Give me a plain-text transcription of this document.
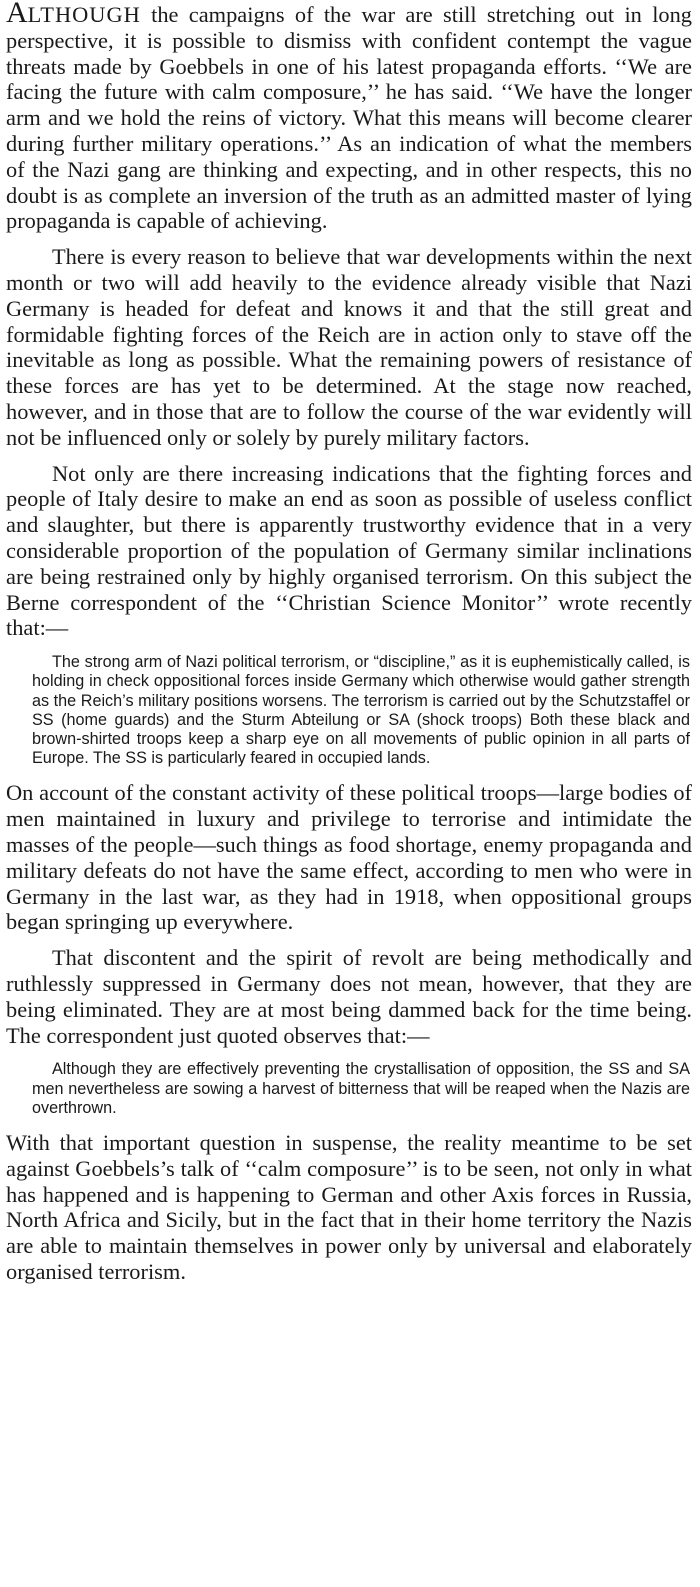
ALTHOUGH the campaigns of the war are still stretching out in long perspective, it is possible to dismiss with confident contempt the vague threats made by Goebbels in one of his latest propaganda efforts. ‘‘We are facing the future with calm composure,’’ he has said. ‘‘We have the longer arm and we hold the reins of victory. What this means will become clearer during further military operations.’’ As an indication of what the members of the Nazi gang are thinking and expecting, and in other respects, this no doubt is as complete an inversion of the truth as an admitted master of lying propaganda is capable of achieving.

There is every reason to believe that war developments within the next month or two will add heavily to the evidence already visible that Nazi Germany is headed for defeat and knows it and that the still great and formidable fighting forces of the Reich are in action only to stave off the inevitable as long as possible. What the remaining powers of resistance of these forces are has yet to be determined. At the stage now reached, however, and in those that are to follow the course of the war evidently will not be influenced only or solely by purely military factors.

Not only are there increasing indications that the fighting forces and people of Italy desire to make an end as soon as possible of useless conflict and slaughter, but there is apparently trustworthy evidence that in a very considerable proportion of the population of Germany similar inclinations are being restrained only by highly organised terrorism. On this subject the Berne correspondent of the ‘‘Christian Science Monitor’’ wrote recently that:—

The strong arm of Nazi political terrorism, or “discipline,” as it is euphemistically called, is holding in check oppositional forces inside Germany which otherwise would gather strength as the Reich’s military positions worsens. The terrorism is carried out by the Schutzstaffel or SS (home guards) and the Sturm Abteilung or SA (shock troops) Both these black and brown-shirted troops keep a sharp eye on all movements of public opinion in all parts of Europe. The SS is particularly feared in occupied lands.

On account of the constant activity of these political troops—large bodies of men maintained in luxury and privilege to terrorise and intimidate the masses of the people—such things as food shortage, enemy propaganda and military defeats do not have the same effect, according to men who were in Germany in the last war, as they had in 1918, when oppositional groups began springing up everywhere.

That discontent and the spirit of revolt are being methodically and ruthlessly suppressed in Germany does not mean, however, that they are being eliminated. They are at most being dammed back for the time being. The correspondent just quoted observes that:—

Although they are effectively preventing the crystallisation of opposition, the SS and SA men nevertheless are sowing a harvest of bitterness that will be reaped when the Nazis are overthrown.

With that important question in suspense, the reality meantime to be set against Goebbels’s talk of ‘‘calm composure’’ is to be seen, not only in what has happened and is happening to German and other Axis forces in Russia, North Africa and Sicily, but in the fact that in their home territory the Nazis are able to maintain themselves in power only by universal and elaborately organised terrorism.
